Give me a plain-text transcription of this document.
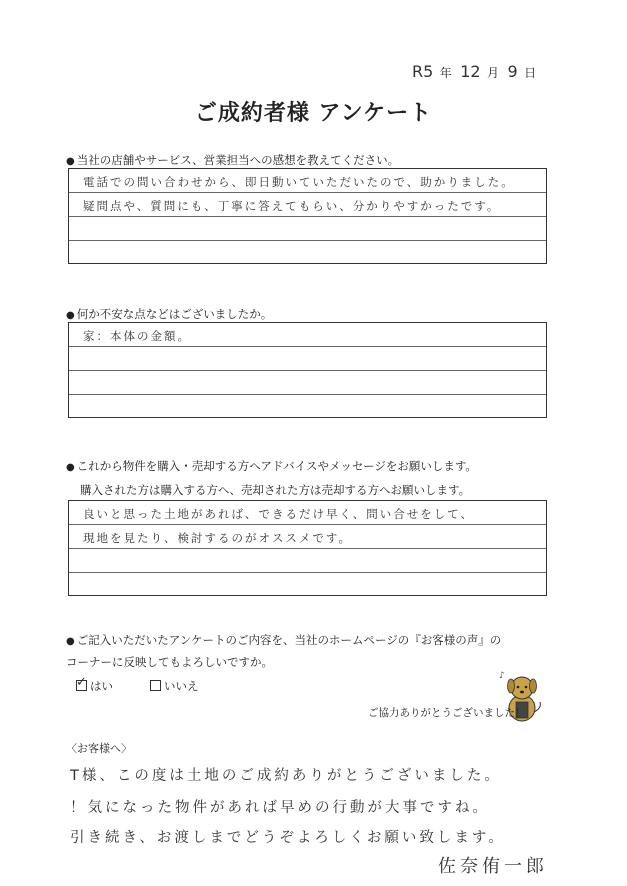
R5 年 12 月 9 日
ご成約者様 アンケート
● 当社の店舗やサービス、営業担当への感想を教えてください。
電話での問い合わせから、即日動いていただいたので、助かりました。
疑問点や、質問にも、丁寧に答えてもらい、分かりやすかったです。
● 何か不安な点などはございましたか。
家：本体の金額。
● これから物件を購入・売却する方へアドバイスやメッセージをお願いします。
購入された方は購入する方へ、売却された方は売却する方へお願いします。
良いと思った土地があれば、できるだけ早く、問い合せをして、
現地を見たり、検討するのがオススメです。
● ご記入いただいたアンケートのご内容を、当社のホームページの『お客様の声』の
コーナーに反映してもよろしいですか。
✓ はい	いいえ
♪
ご協力ありがとうございました！
〈お客様へ〉
T様、この度は土地のご成約ありがとうございました。
！気になった物件があれば早めの行動が大事ですね。
引き続き、お渡しまでどうぞよろしくお願い致します。
佐奈侑一郎
